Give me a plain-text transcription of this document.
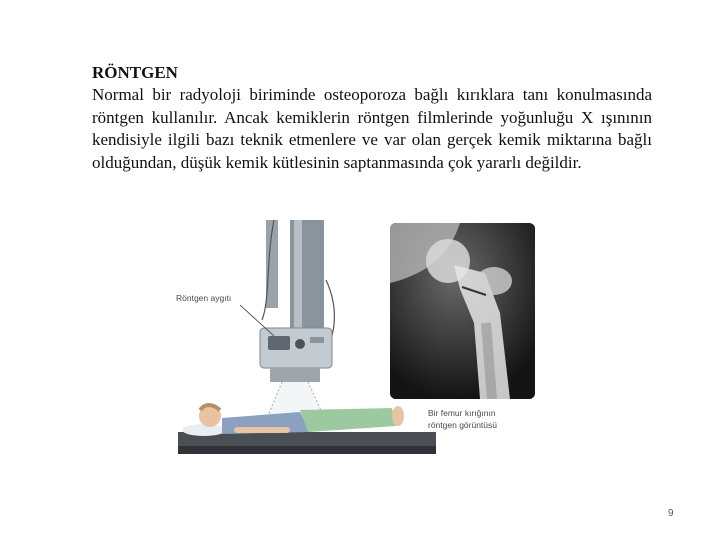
RÖNTGEN
Normal bir radyoloji biriminde osteoporoza bağlı kırıklara tanı konulmasında röntgen kullanılır. Ancak kemiklerin röntgen filmlerinde yoğunluğu X ışınının kendisiyle ilgili bazı teknik etmenlere ve var olan gerçek kemik miktarına bağlı olduğundan, düşük kemik kütlesinin saptanmasında çok yararlı değildir.
Röntgen aygıtı
Bir femur kırığının
röntgen görüntüsü
9
